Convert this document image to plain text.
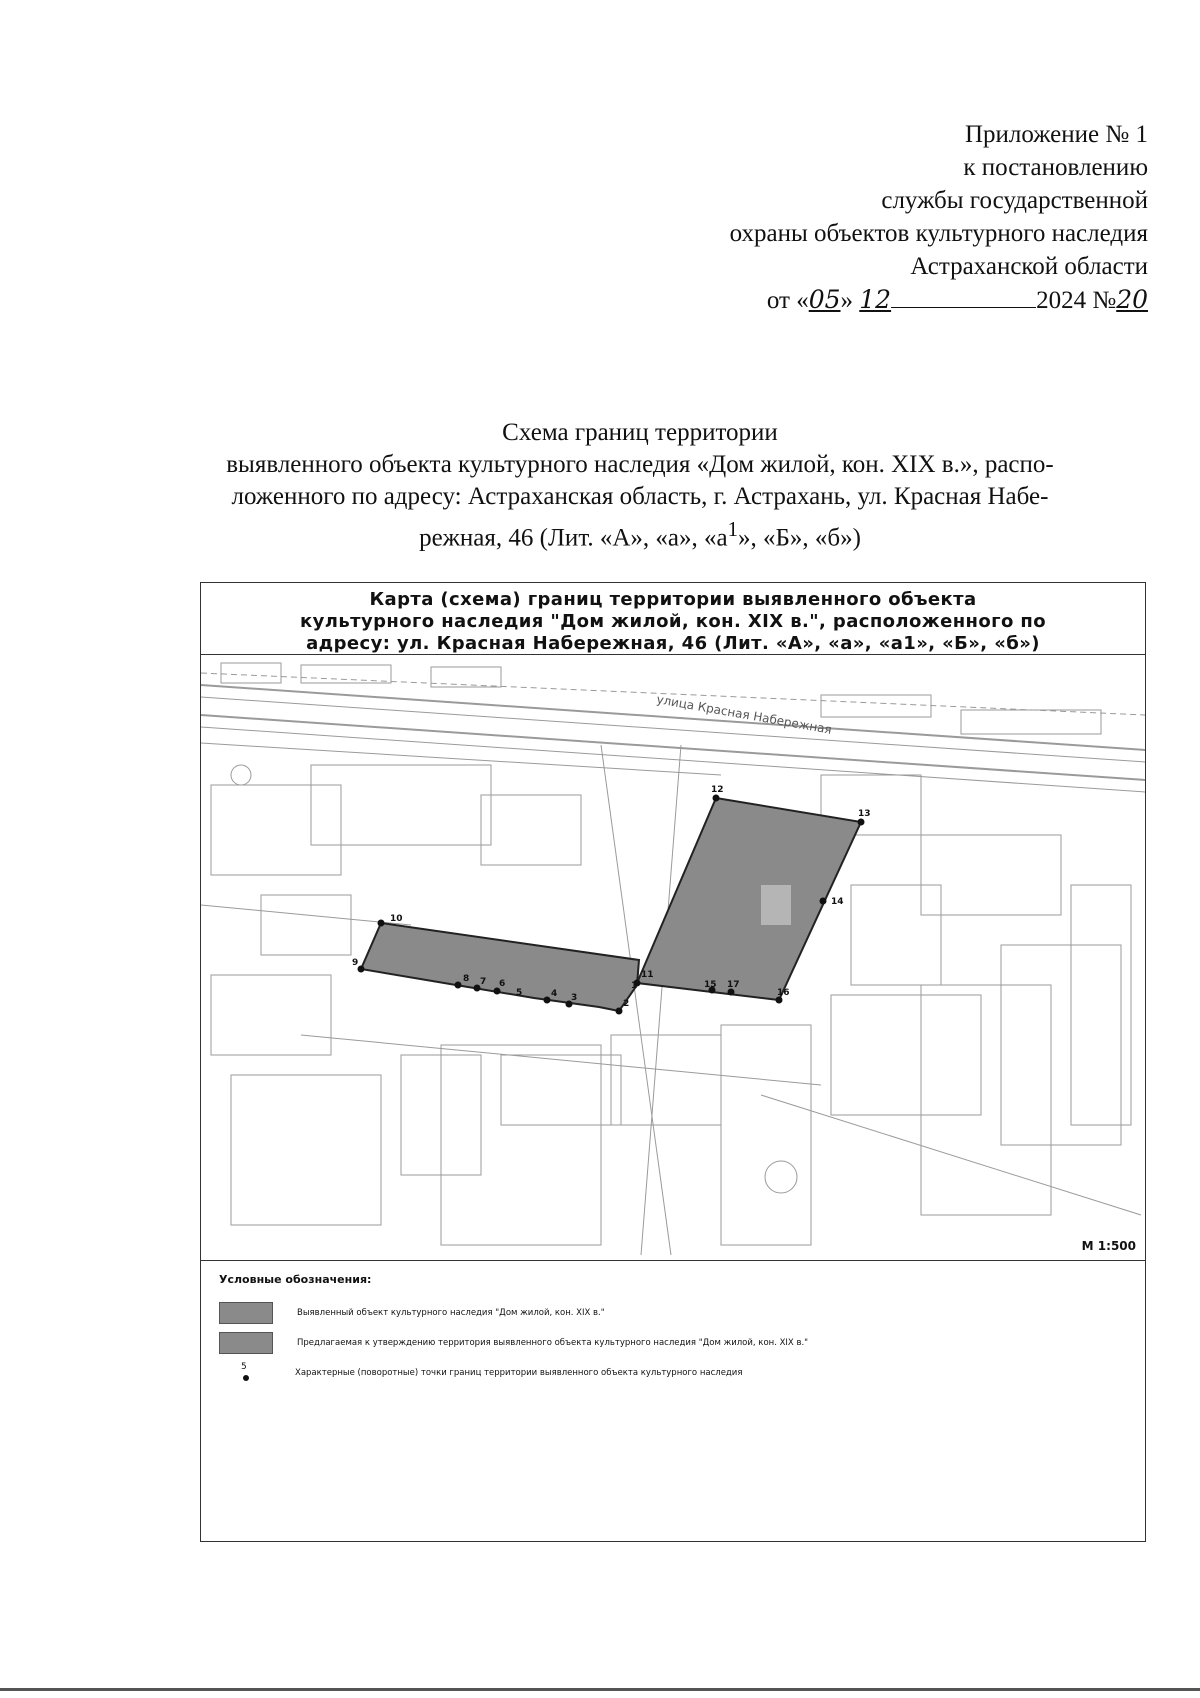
Приложение № 1
к постановлению
службы государственной
охраны объектов культурного наследия
Астраханской области
от «05» 12	2024 №20

Схема границ территории

выявленного объекта культурного наследия «Дом жилой, кон. XIX в.», распо-

ложенного по адресу: Астраханская область, г. Астрахань, ул. Красная Набе-

режная, 46 (Лит. «А», «а», «$а^1$», «Б», «б»)

Карта (схема) границ территории выявленного объекта
культурного наследия "Дом жилой, кон. XIX в.", расположенного по
адресу: ул. Красная Набережная, 46 (Лит. «А», «а», «а1», «Б», «б»)
улица Красная Набережная
12
13
14
15
16
17
11
10
9
8 7 6
5	4 3
2
1
М 1:500
Условные обозначения:
Выявленный объект культурного наследия "Дом жилой, кон. XIX в."
Предлагаемая к утверждению территория выявленного объекта культурного наследия "Дом жилой, кон. XIX в."
5
Характерные (поворотные) точки границ территории выявленного объекта культурного наследия
